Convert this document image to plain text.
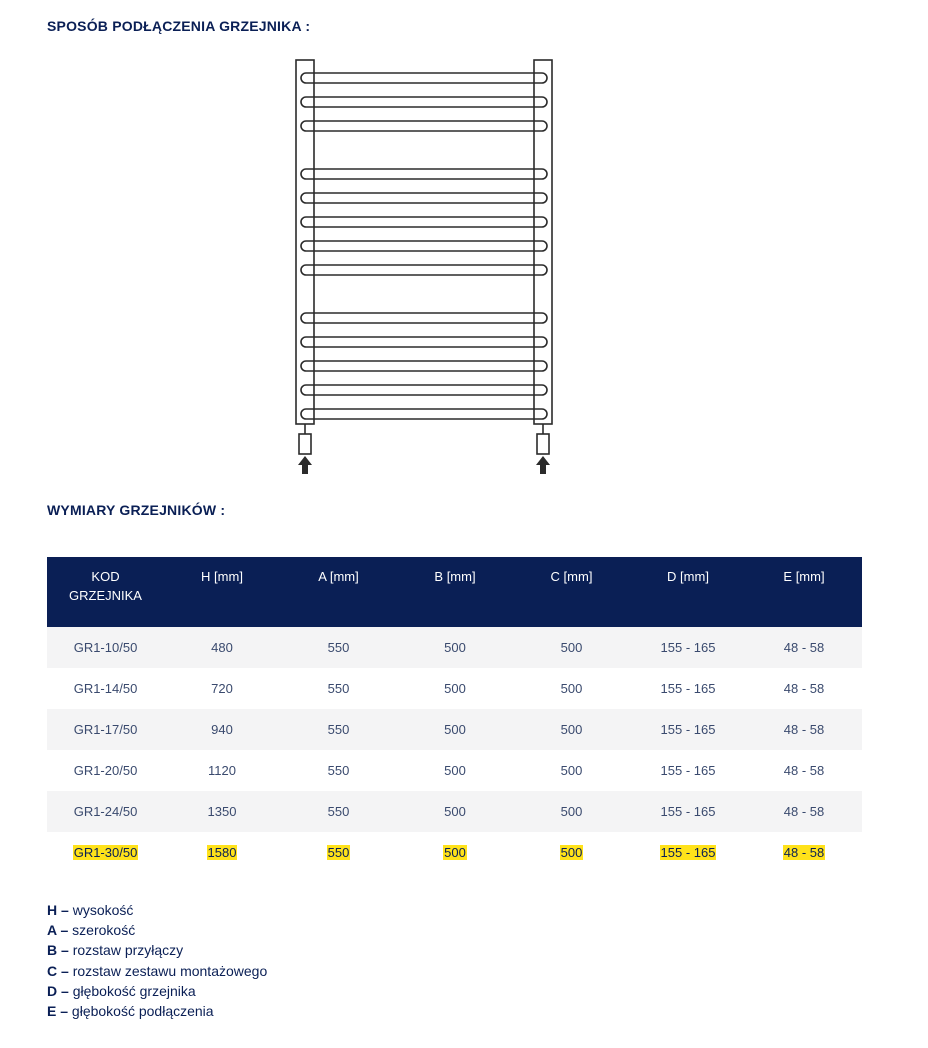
SPOSÓB PODŁĄCZENIA GRZEJNIKA :
WYMIARY GRZEJNIKÓW :
KOD GRZEJNIKA	H [mm]	A [mm]	B [mm]	C [mm]	D [mm]	E [mm]
GR1-10/50	480	550	500	500	155 - 165	48 - 58
GR1-14/50	720	550	500	500	155 - 165	48 - 58
GR1-17/50	940	550	500	500	155 - 165	48 - 58
GR1-20/50	1120	550	500	500	155 - 165	48 - 58
GR1-24/50	1350	550	500	500	155 - 165	48 - 58
GR1-30/50	1580	550	500	500	155 - 165	48 - 58
H – wysokość
A – szerokość
B – rozstaw przyłączy
C – rozstaw zestawu montażowego
D – głębokość grzejnika
E – głębokość podłączenia
